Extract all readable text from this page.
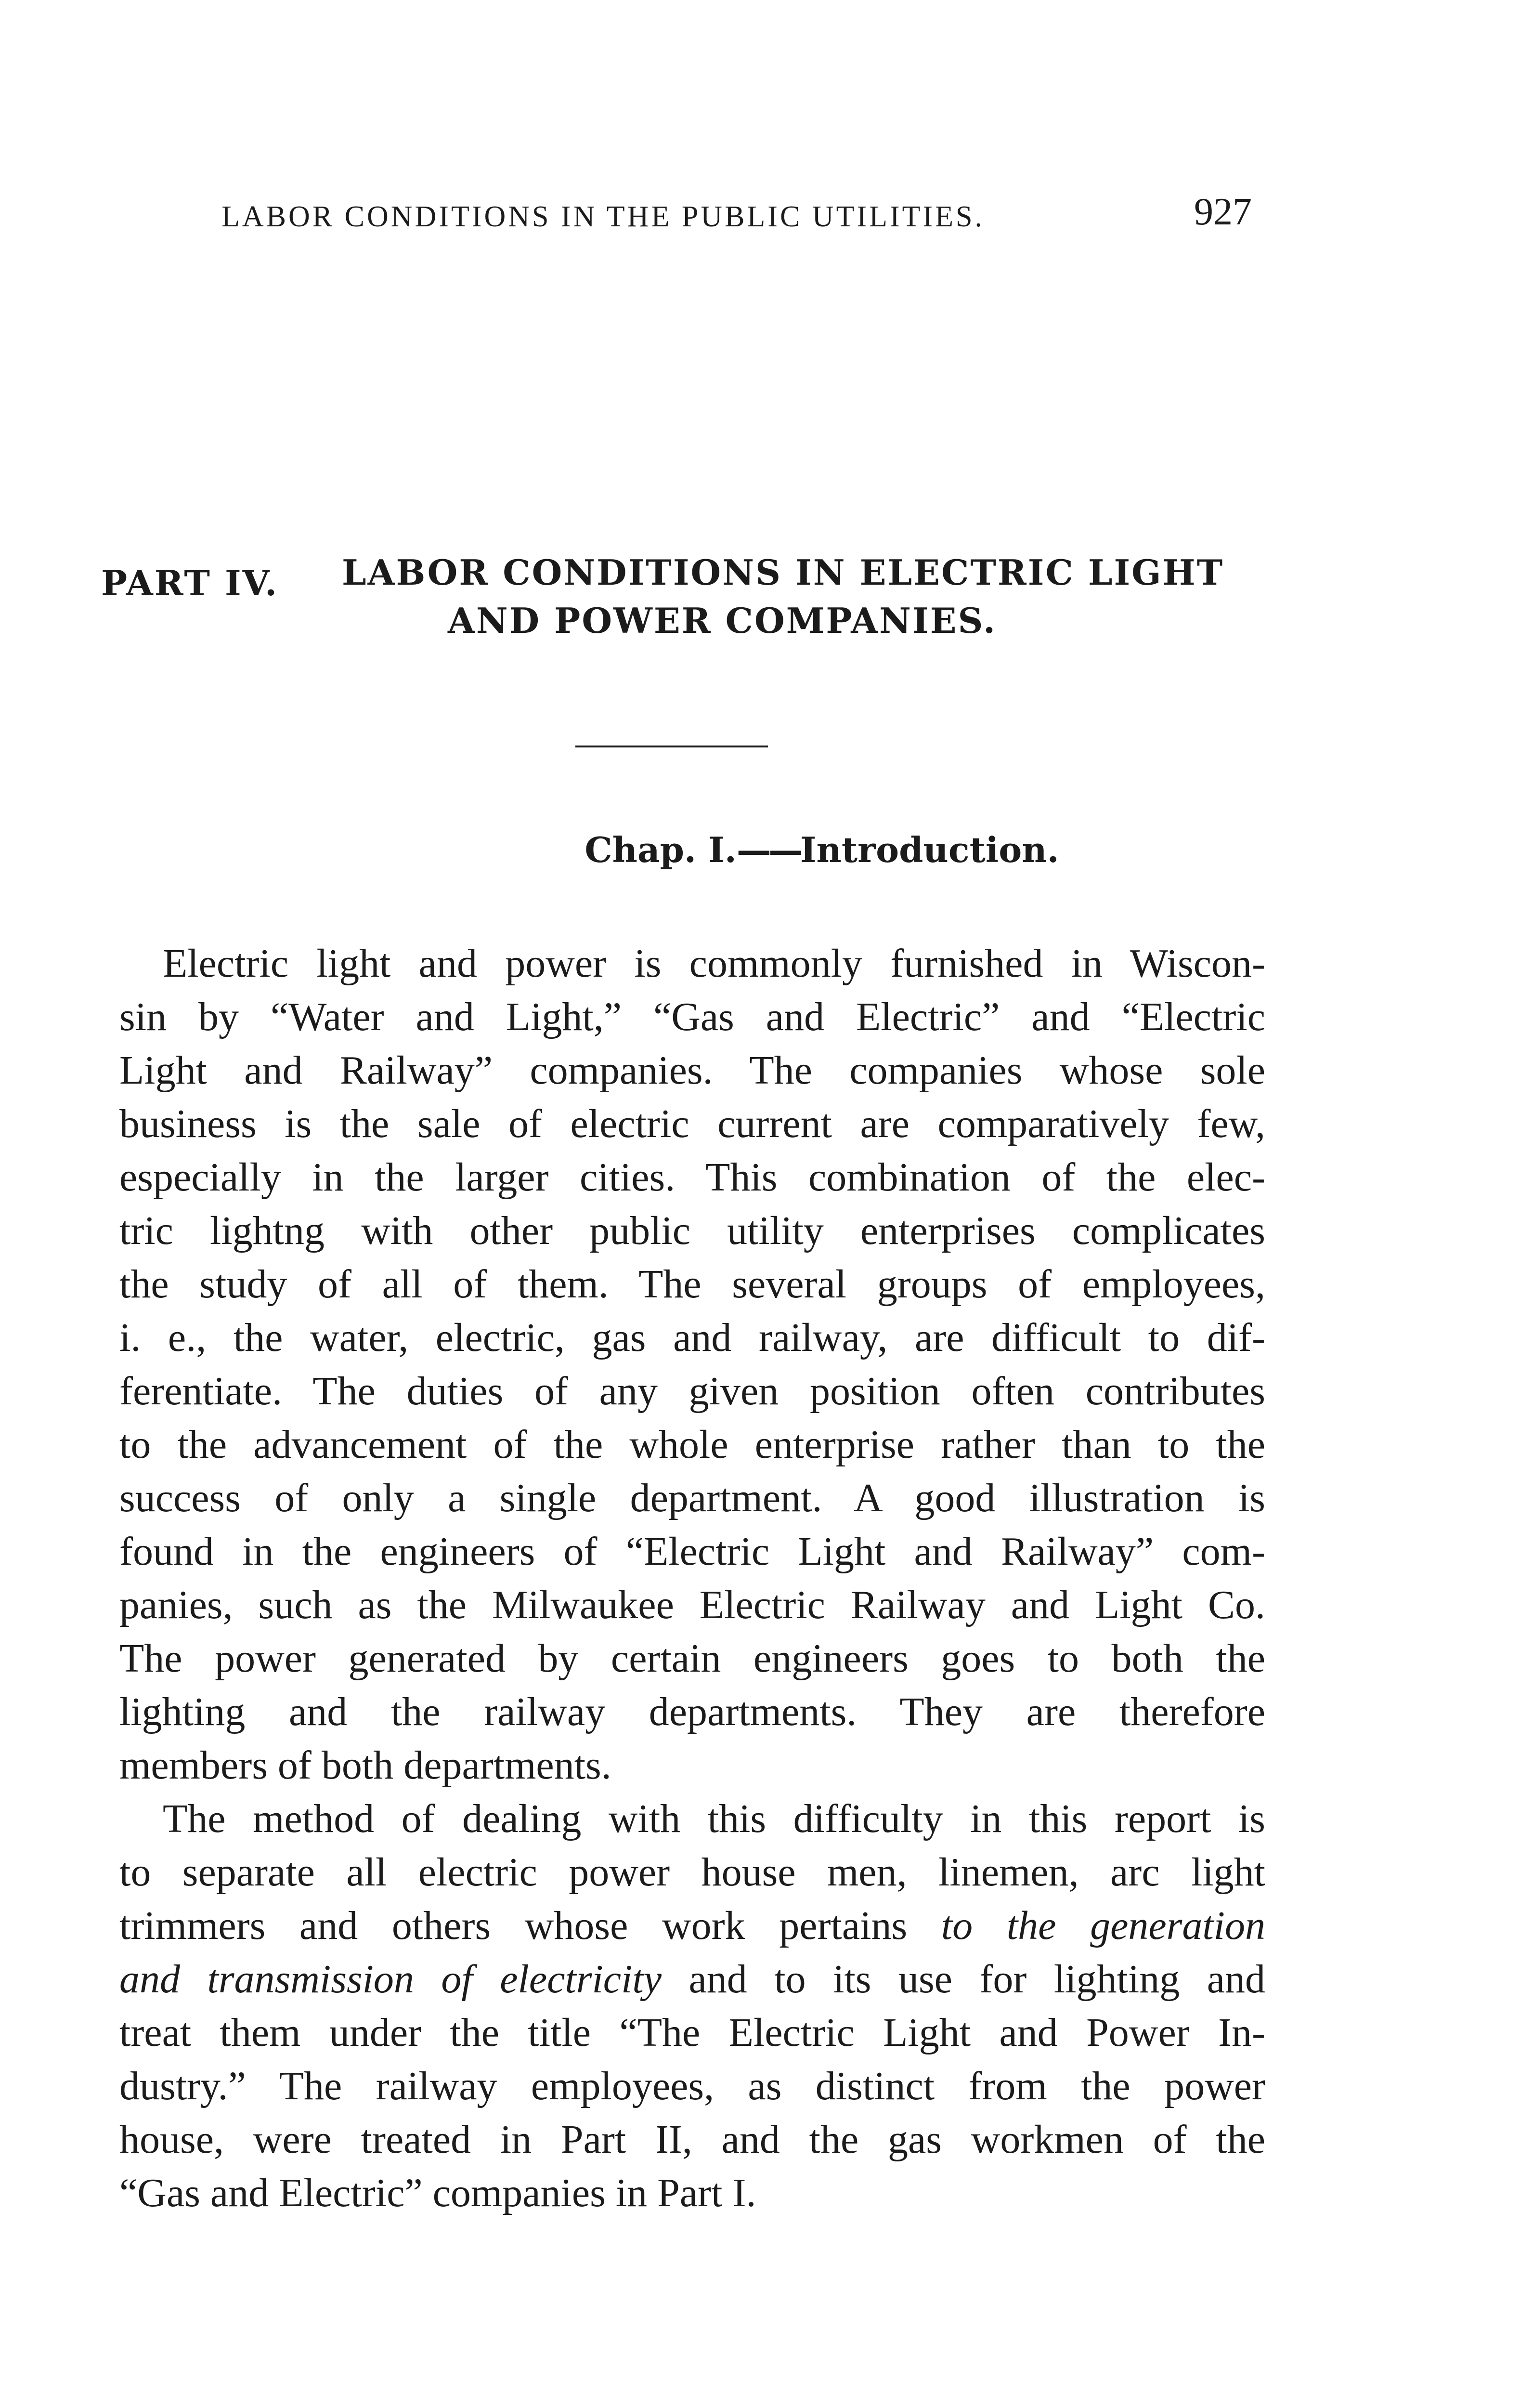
LABOR CONDITIONS IN THE PUBLIC UTILITIES.	927
PART IV. LABOR CONDITIONS IN ELECTRIC LIGHT
AND POWER COMPANIES.
Chap. I.——Introduction.
Electric light and power is commonly furnished in Wiscon-
sin by “Water and Light,” “Gas and Electric” and “Electric
Light and Railway” companies. The companies whose sole
business is the sale of electric current are comparatively few,
especially in the larger cities. This combination of the elec-
tric lightng with other public utility enterprises complicates
the study of all of them. The several groups of employees,
i. e., the water, electric, gas and railway, are difficult to dif-
ferentiate. The duties of any given position often contributes
to the advancement of the whole enterprise rather than to the
success of only a single department. A good illustration is
found in the engineers of “Electric Light and Railway” com-
panies, such as the Milwaukee Electric Railway and Light Co.
The power generated by certain engineers goes to both the
lighting and the railway departments. They are therefore
members of both departments.
The method of dealing with this difficulty in this report is
to separate all electric power house men, linemen, arc light
trimmers and others whose work pertains to the generation
and transmission of electricity and to its use for lighting and
treat them under the title “The Electric Light and Power In-
dustry.” The railway employees, as distinct from the power
house, were treated in Part II, and the gas workmen of the
“Gas and Electric” companies in Part I.
